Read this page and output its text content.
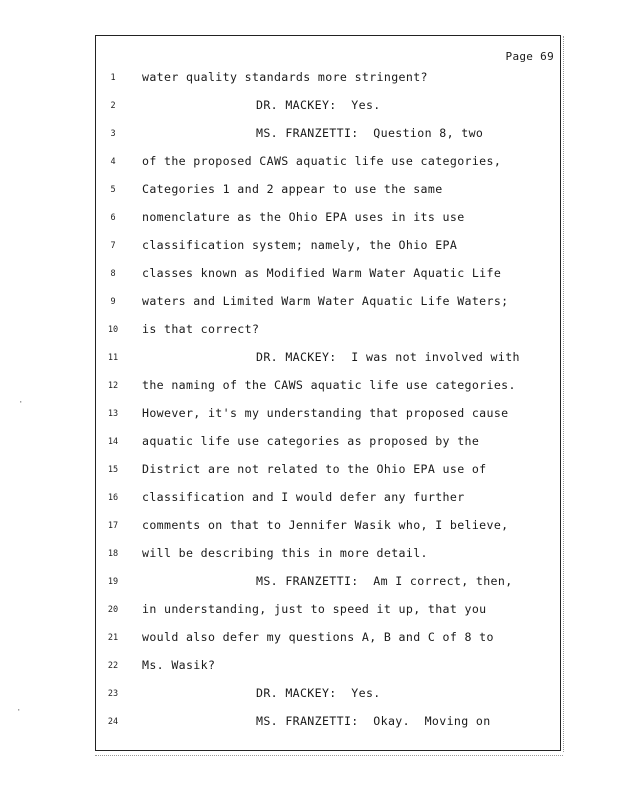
·
·
Page 69
1	water quality standards more stringent?
2	DR. MACKEY:  Yes.
3	MS. FRANZETTI:  Question 8, two
4	of the proposed CAWS aquatic life use categories,
5	Categories 1 and 2 appear to use the same
6	nomenclature as the Ohio EPA uses in its use
7	classification system; namely, the Ohio EPA
8	classes known as Modified Warm Water Aquatic Life
9	waters and Limited Warm Water Aquatic Life Waters;
10	is that correct?
11	DR. MACKEY:  I was not involved with
12	the naming of the CAWS aquatic life use categories.
13	However, it's my understanding that proposed cause
14	aquatic life use categories as proposed by the
15	District are not related to the Ohio EPA use of
16	classification and I would defer any further
17	comments on that to Jennifer Wasik who, I believe,
18	will be describing this in more detail.
19	MS. FRANZETTI:  Am I correct, then,
20	in understanding, just to speed it up, that you
21	would also defer my questions A, B and C of 8 to
22	Ms. Wasik?
23	DR. MACKEY:  Yes.
24	MS. FRANZETTI:  Okay.  Moving on
